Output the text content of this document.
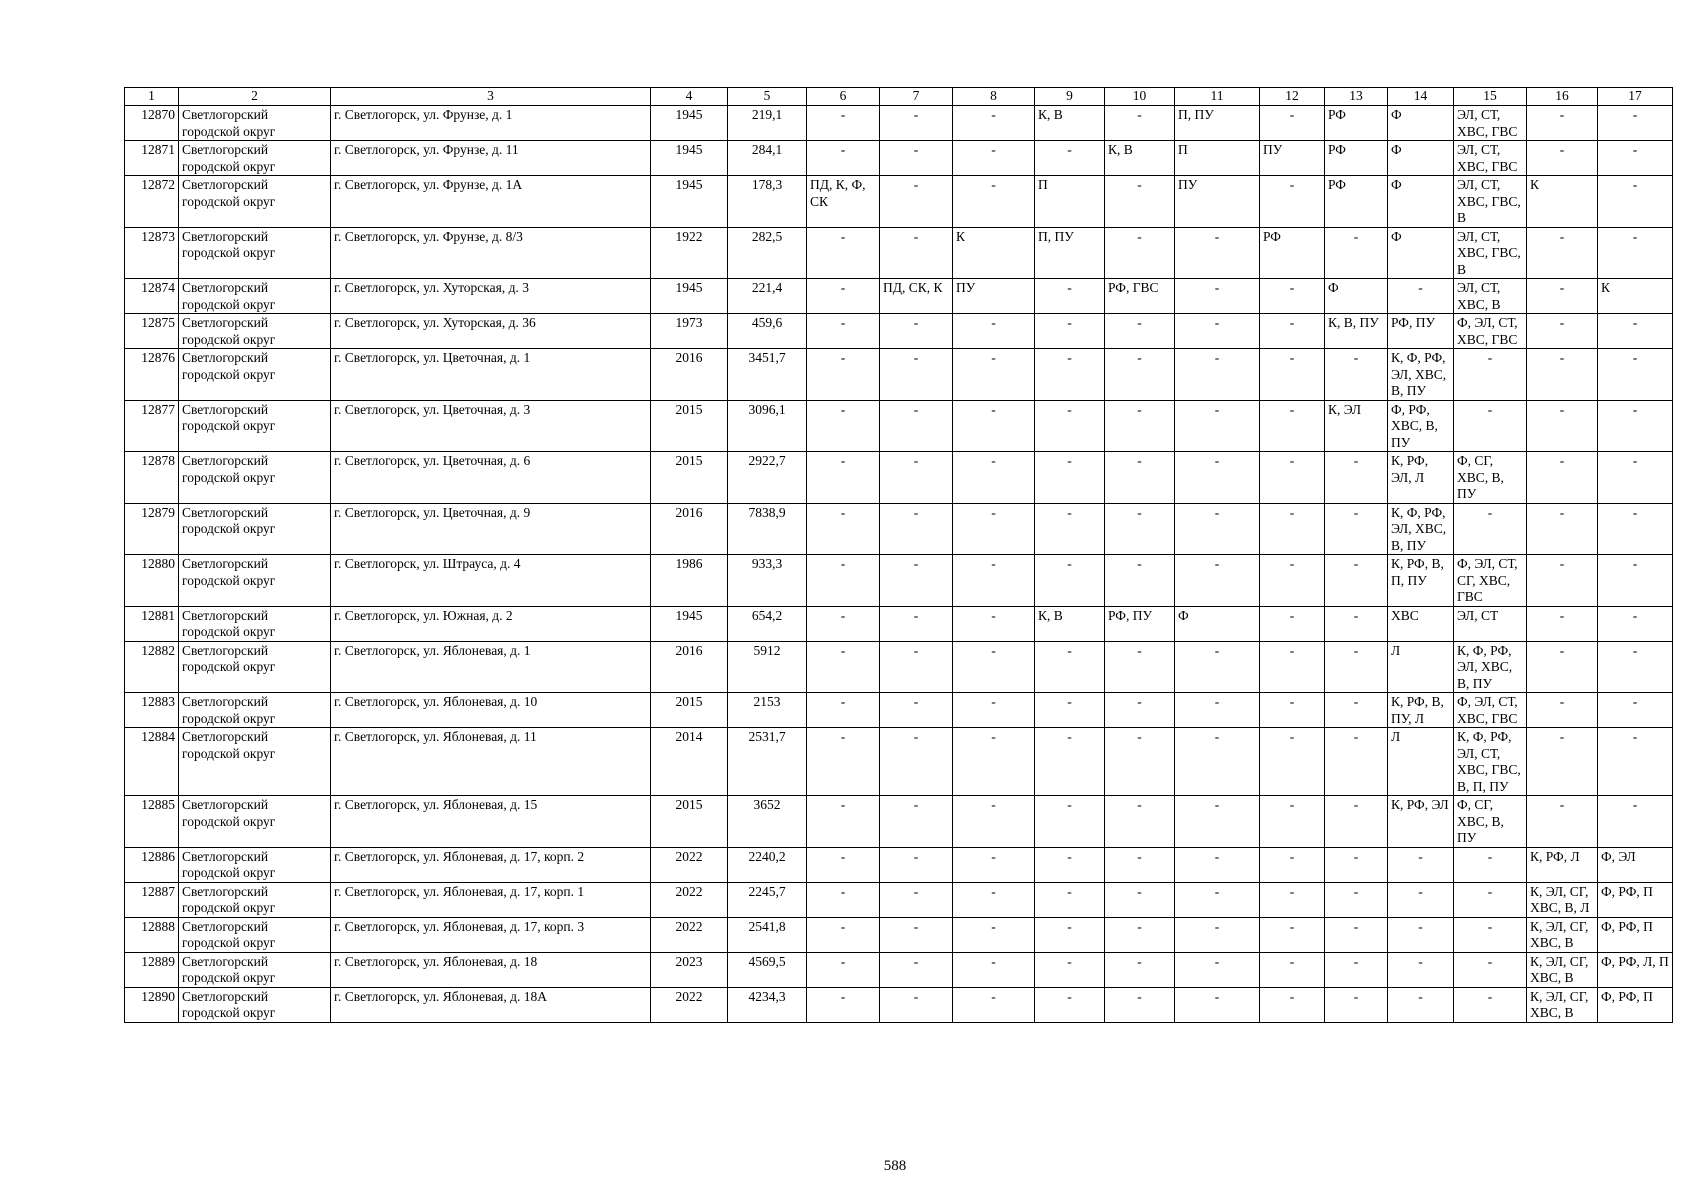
1	2	3	4	5	6	7	8	9	10	11	12	13	14	15	16	17
12870	Светлогорский городской округ	г. Светлогорск, ул. Фрунзе, д. 1	1945	219,1	-	-	-	К, В	-	П, ПУ	-	РФ	Ф	ЭЛ, СТ, ХВС, ГВС	-	-
12871	Светлогорский городской округ	г. Светлогорск, ул. Фрунзе, д. 11	1945	284,1	-	-	-	-	К, В	П	ПУ	РФ	Ф	ЭЛ, СТ, ХВС, ГВС	-	-
12872	Светлогорский городской округ	г. Светлогорск, ул. Фрунзе, д. 1А	1945	178,3	ПД, К, Ф, СК	-	-	П	-	ПУ	-	РФ	Ф	ЭЛ, СТ, ХВС, ГВС, В	К	-
12873	Светлогорский городской округ	г. Светлогорск, ул. Фрунзе, д. 8/3	1922	282,5	-	-	К	П, ПУ	-	-	РФ	-	Ф	ЭЛ, СТ, ХВС, ГВС, В	-	-
12874	Светлогорский городской округ	г. Светлогорск, ул. Хуторская, д. 3	1945	221,4	-	ПД, СК, К	ПУ	-	РФ, ГВС	-	-	Ф	-	ЭЛ, СТ, ХВС, В	-	К
12875	Светлогорский городской округ	г. Светлогорск, ул. Хуторская, д. 36	1973	459,6	-	-	-	-	-	-	-	К, В, ПУ	РФ, ПУ	Ф, ЭЛ, СТ, ХВС, ГВС	-	-
12876	Светлогорский городской округ	г. Светлогорск, ул. Цветочная, д. 1	2016	3451,7	-	-	-	-	-	-	-	-	К, Ф, РФ, ЭЛ, ХВС, В, ПУ	-	-	-
12877	Светлогорский городской округ	г. Светлогорск, ул. Цветочная, д. 3	2015	3096,1	-	-	-	-	-	-	-	К, ЭЛ	Ф, РФ, ХВС, В, ПУ	-	-	-
12878	Светлогорский городской округ	г. Светлогорск, ул. Цветочная, д. 6	2015	2922,7	-	-	-	-	-	-	-	-	К, РФ, ЭЛ, Л	Ф, СГ, ХВС, В, ПУ	-	-
12879	Светлогорский городской округ	г. Светлогорск, ул. Цветочная, д. 9	2016	7838,9	-	-	-	-	-	-	-	-	К, Ф, РФ, ЭЛ, ХВС, В, ПУ	-	-	-
12880	Светлогорский городской округ	г. Светлогорск, ул. Штрауса, д. 4	1986	933,3	-	-	-	-	-	-	-	-	К, РФ, В, П, ПУ	Ф, ЭЛ, СТ, СГ, ХВС, ГВС	-	-
12881	Светлогорский городской округ	г. Светлогорск, ул. Южная, д. 2	1945	654,2	-	-	-	К, В	РФ, ПУ	Ф	-	-	ХВС	ЭЛ, СТ	-	-
12882	Светлогорский городской округ	г. Светлогорск, ул. Яблоневая, д. 1	2016	5912	-	-	-	-	-	-	-	-	Л	К, Ф, РФ, ЭЛ, ХВС, В, ПУ	-	-
12883	Светлогорский городской округ	г. Светлогорск, ул. Яблоневая, д. 10	2015	2153	-	-	-	-	-	-	-	-	К, РФ, В, ПУ, Л	Ф, ЭЛ, СТ, ХВС, ГВС	-	-
12884	Светлогорский городской округ	г. Светлогорск, ул. Яблоневая, д. 11	2014	2531,7	-	-	-	-	-	-	-	-	Л	К, Ф, РФ, ЭЛ, СТ, ХВС, ГВС, В, П, ПУ	-	-
12885	Светлогорский городской округ	г. Светлогорск, ул. Яблоневая, д. 15	2015	3652	-	-	-	-	-	-	-	-	К, РФ, ЭЛ	Ф, СГ, ХВС, В, ПУ	-	-
12886	Светлогорский городской округ	г. Светлогорск, ул. Яблоневая, д. 17, корп. 2	2022	2240,2	-	-	-	-	-	-	-	-	-	-	К, РФ, Л	Ф, ЭЛ
12887	Светлогорский городской округ	г. Светлогорск, ул. Яблоневая, д. 17, корп. 1	2022	2245,7	-	-	-	-	-	-	-	-	-	-	К, ЭЛ, СГ, ХВС, В, Л	Ф, РФ, П
12888	Светлогорский городской округ	г. Светлогорск, ул. Яблоневая, д. 17, корп. 3	2022	2541,8	-	-	-	-	-	-	-	-	-	-	К, ЭЛ, СГ, ХВС, В	Ф, РФ, П
12889	Светлогорский городской округ	г. Светлогорск, ул. Яблоневая, д. 18	2023	4569,5	-	-	-	-	-	-	-	-	-	-	К, ЭЛ, СГ, ХВС, В	Ф, РФ, Л, П
12890	Светлогорский городской округ	г. Светлогорск, ул. Яблоневая, д. 18А	2022	4234,3	-	-	-	-	-	-	-	-	-	-	К, ЭЛ, СГ, ХВС, В	Ф, РФ, П
588
